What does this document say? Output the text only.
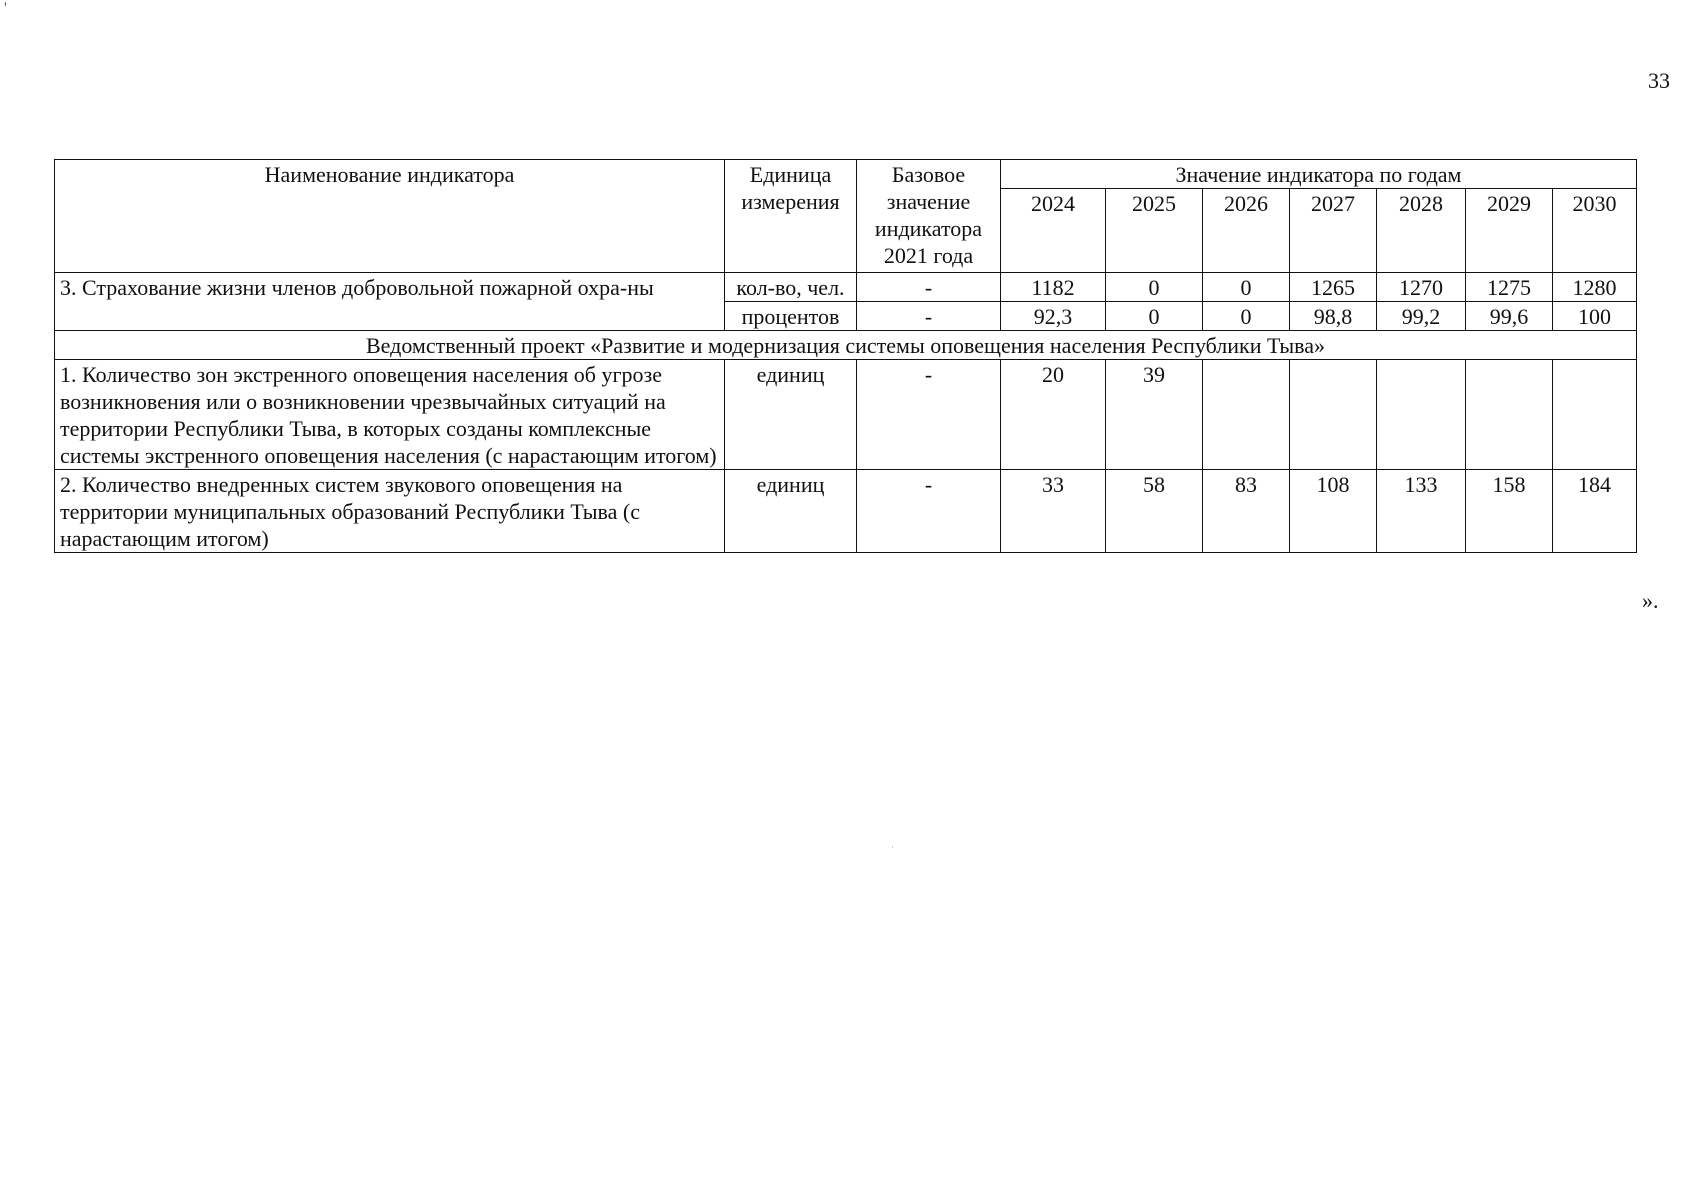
'
33
Наименование индикатора	Единица измерения	Базовое значение индикатора 2021 года	Значение индикатора по годам						
			2024	2025	2026	2027	2028	2029	2030
3. Страхование жизни членов добровольной пожарной охра-ны	кол-во, чел.	-	1182	0	0	1265	1270	1275	1280
	процентов	-	92,3	0	0	98,8	99,2	99,6	100
Ведомственный проект «Развитие и модернизация системы оповещения населения Республики Тыва»									
1. Количество зон экстренного оповещения населения об угрозе возникновения или о возникновении чрезвычайных ситуаций на территории Республики Тыва, в которых созданы комплексные системы экстренного оповещения населения (с нарастающим итогом)	единиц	-	20	39					
2. Количество внедренных систем звукового оповещения на территории муниципальных образований Республики Тыва (с нарастающим итогом)	единиц	-	33	58	83	108	133	158	184
».
